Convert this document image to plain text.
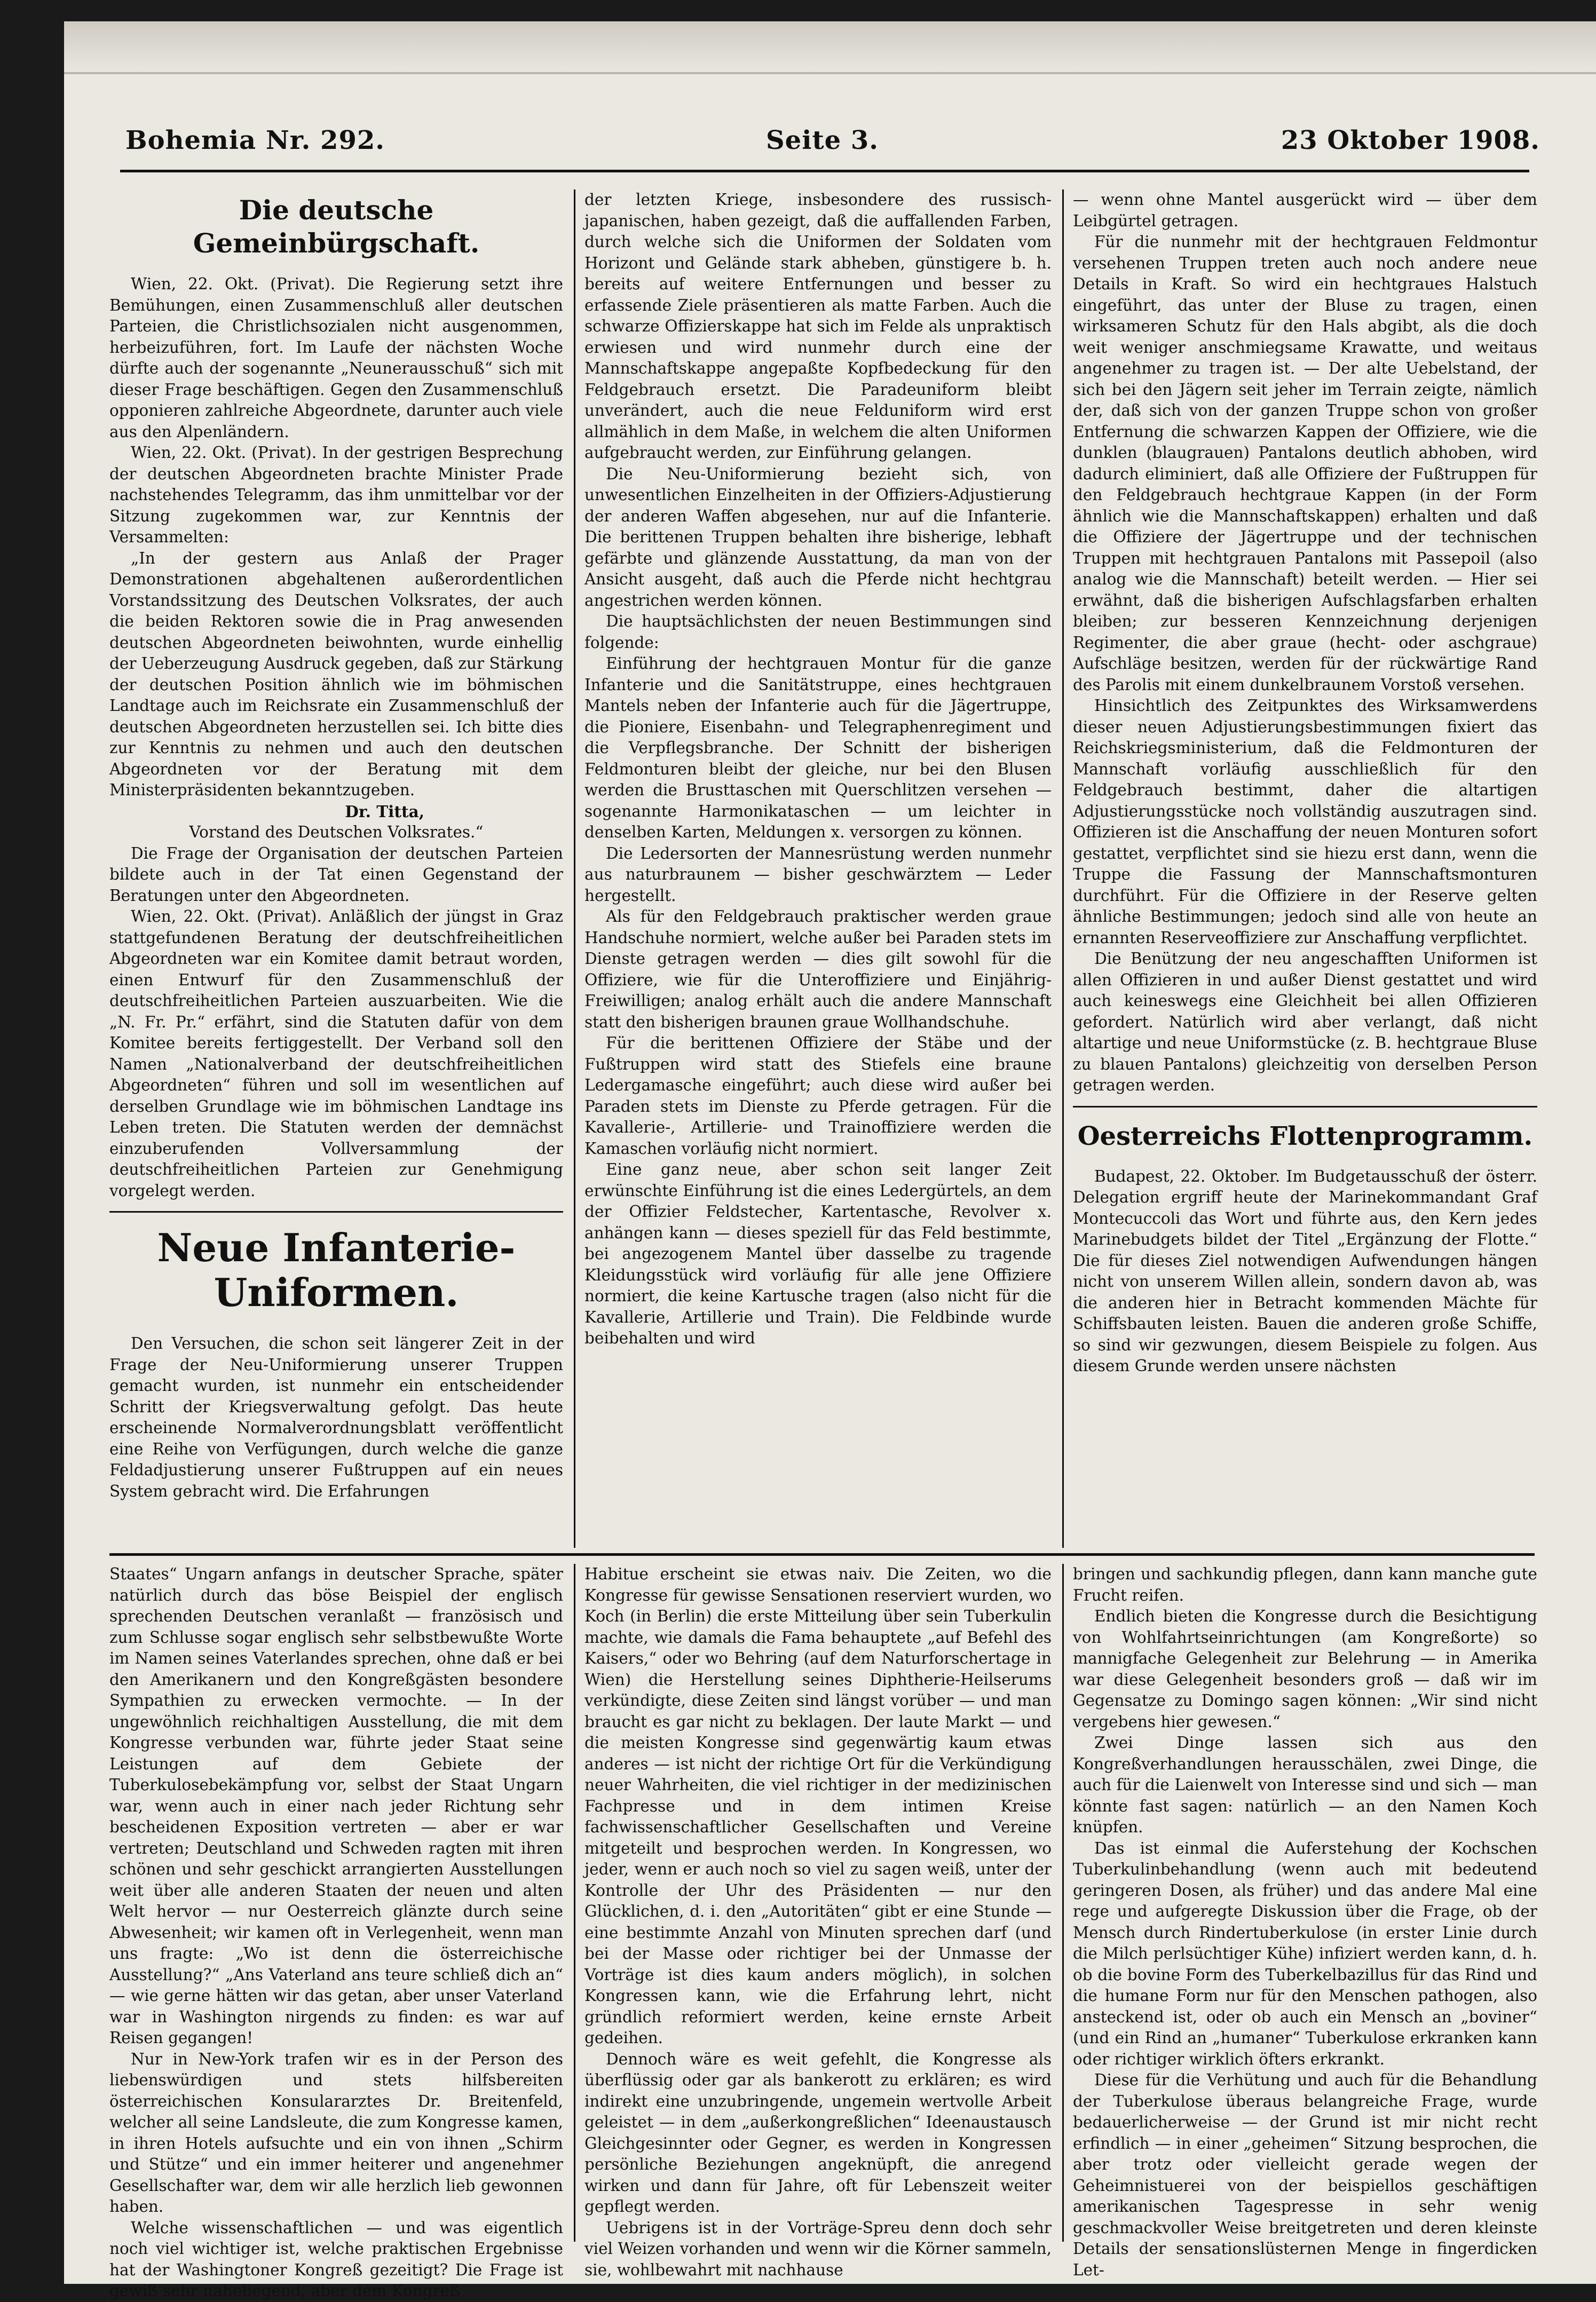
Bohemia Nr. 292.	Seite 3.	23 Oktober 1908.
Die deutsche Gemeinbürgschaft.

Wien, 22. Okt. (Privat). Die Regierung setzt ihre Bemühungen, einen Zusammenschluß aller deutschen Parteien, die Christlichsozialen nicht ausgenommen, herbeizuführen, fort. Im Laufe der nächsten Woche dürfte auch der sogenannte „Neunerausschuß“ sich mit dieser Frage beschäftigen. Gegen den Zusammenschluß opponieren zahlreiche Abgeordnete, darunter auch viele aus den Alpenländern.

Wien, 22. Okt. (Privat). In der gestrigen Besprechung der deutschen Abgeordneten brachte Minister Prade nachstehendes Telegramm, das ihm unmittelbar vor der Sitzung zugekommen war, zur Kenntnis der Versammelten:

„In der gestern aus Anlaß der Prager Demonstrationen abgehaltenen außerordentlichen Vorstandssitzung des Deutschen Volksrates, der auch die beiden Rektoren sowie die in Prag anwesenden deutschen Abgeordneten beiwohnten, wurde einhellig der Ueberzeugung Ausdruck gegeben, daß zur Stärkung der deutschen Position ähnlich wie im böhmischen Landtage auch im Reichsrate ein Zusammenschluß der deutschen Abgeordneten herzustellen sei. Ich bitte dies zur Kenntnis zu nehmen und auch den deutschen Abgeordneten vor der Beratung mit dem Ministerpräsidenten bekanntzugeben.

Dr. Titta,

Vorstand des Deutschen Volksrates.“

Die Frage der Organisation der deutschen Parteien bildete auch in der Tat einen Gegenstand der Beratungen unter den Abgeordneten.

Wien, 22. Okt. (Privat). Anläßlich der jüngst in Graz stattgefundenen Beratung der deutschfreiheitlichen Abgeordneten war ein Komitee damit betraut worden, einen Entwurf für den Zusammenschluß der deutschfreiheitlichen Parteien auszuarbeiten. Wie die „N. Fr. Pr.“ erfährt, sind die Statuten dafür von dem Komitee bereits fertiggestellt. Der Verband soll den Namen „Nationalverband der deutschfreiheitlichen Abgeordneten“ führen und soll im wesentlichen auf derselben Grundlage wie im böhmischen Landtage ins Leben treten. Die Statuten werden der demnächst einzuberufenden Vollversammlung der deutschfreiheitlichen Parteien zur Genehmigung vorgelegt werden.

Neue Infanterie-Uniformen.

Den Versuchen, die schon seit längerer Zeit in der Frage der Neu-Uniformierung unserer Truppen gemacht wurden, ist nunmehr ein entscheidender Schritt der Kriegsverwaltung gefolgt. Das heute erscheinende Normalverordnungsblatt veröffentlicht eine Reihe von Verfügungen, durch welche die ganze Feldadjustierung unserer Fußtruppen auf ein neues System gebracht wird. Die Erfahrungen

der letzten Kriege, insbesondere des russisch-japanischen, haben gezeigt, daß die auffallenden Farben, durch welche sich die Uniformen der Soldaten vom Horizont und Gelände stark abheben, günstigere b. h. bereits auf weitere Entfernungen und besser zu erfassende Ziele präsentieren als matte Farben. Auch die schwarze Offizierskappe hat sich im Felde als unpraktisch erwiesen und wird nunmehr durch eine der Mannschaftskappe angepaßte Kopfbedeckung für den Feldgebrauch ersetzt. Die Paradeuniform bleibt unverändert, auch die neue Felduniform wird erst allmählich in dem Maße, in welchem die alten Uniformen aufgebraucht werden, zur Einführung gelangen.

Die Neu-Uniformierung bezieht sich, von unwesentlichen Einzelheiten in der Offiziers-Adjustierung der anderen Waffen abgesehen, nur auf die Infanterie. Die berittenen Truppen behalten ihre bisherige, lebhaft gefärbte und glänzende Ausstattung, da man von der Ansicht ausgeht, daß auch die Pferde nicht hechtgrau angestrichen werden können.

Die hauptsächlichsten der neuen Bestimmungen sind folgende:

Einführung der hechtgrauen Montur für die ganze Infanterie und die Sanitätstruppe, eines hechtgrauen Mantels neben der Infanterie auch für die Jägertruppe, die Pioniere, Eisenbahn- und Telegraphenregiment und die Verpflegsbranche. Der Schnitt der bisherigen Feldmonturen bleibt der gleiche, nur bei den Blusen werden die Brusttaschen mit Querschlitzen versehen — sogenannte Harmonikataschen — um leichter in denselben Karten, Meldungen x. versorgen zu können.

Die Ledersorten der Mannesrüstung werden nunmehr aus naturbraunem — bisher geschwärztem — Leder hergestellt.

Als für den Feldgebrauch praktischer werden graue Handschuhe normiert, welche außer bei Paraden stets im Dienste getragen werden — dies gilt sowohl für die Offiziere, wie für die Unteroffiziere und Einjährig-Freiwilligen; analog erhält auch die andere Mannschaft statt den bisherigen braunen graue Wollhandschuhe.

Für die berittenen Offiziere der Stäbe und der Fußtruppen wird statt des Stiefels eine braune Ledergamasche eingeführt; auch diese wird außer bei Paraden stets im Dienste zu Pferde getragen. Für die Kavallerie-, Artillerie- und Trainoffiziere werden die Kamaschen vorläufig nicht normiert.

Eine ganz neue, aber schon seit langer Zeit erwünschte Einführung ist die eines Ledergürtels, an dem der Offizier Feldstecher, Kartentasche, Revolver x. anhängen kann — dieses speziell für das Feld bestimmte, bei angezogenem Mantel über dasselbe zu tragende Kleidungsstück wird vorläufig für alle jene Offiziere normiert, die keine Kartusche tragen (also nicht für die Kavallerie, Artillerie und Train). Die Feldbinde wurde beibehalten und wird

— wenn ohne Mantel ausgerückt wird — über dem Leibgürtel getragen.

Für die nunmehr mit der hechtgrauen Feldmontur versehenen Truppen treten auch noch andere neue Details in Kraft. So wird ein hechtgraues Halstuch eingeführt, das unter der Bluse zu tragen, einen wirksameren Schutz für den Hals abgibt, als die doch weit weniger anschmiegsame Krawatte, und weitaus angenehmer zu tragen ist. — Der alte Uebelstand, der sich bei den Jägern seit jeher im Terrain zeigte, nämlich der, daß sich von der ganzen Truppe schon von großer Entfernung die schwarzen Kappen der Offiziere, wie die dunklen (blaugrauen) Pantalons deutlich abhoben, wird dadurch eliminiert, daß alle Offiziere der Fußtruppen für den Feldgebrauch hechtgraue Kappen (in der Form ähnlich wie die Mannschaftskappen) erhalten und daß die Offiziere der Jägertruppe und der technischen Truppen mit hechtgrauen Pantalons mit Passepoil (also analog wie die Mannschaft) beteilt werden. — Hier sei erwähnt, daß die bisherigen Aufschlagsfarben erhalten bleiben; zur besseren Kennzeichnung derjenigen Regimenter, die aber graue (hecht- oder aschgraue) Aufschläge besitzen, werden für der rückwärtige Rand des Parolis mit einem dunkelbraunem Vorstoß versehen.

Hinsichtlich des Zeitpunktes des Wirksamwerdens dieser neuen Adjustierungsbestimmungen fixiert das Reichskriegsministerium, daß die Feldmonturen der Mannschaft vorläufig ausschließlich für den Feldgebrauch bestimmt, daher die altartigen Adjustierungsstücke noch vollständig auszutragen sind. Offizieren ist die Anschaffung der neuen Monturen sofort gestattet, verpflichtet sind sie hiezu erst dann, wenn die Truppe die Fassung der Mannschaftsmonturen durchführt. Für die Offiziere in der Reserve gelten ähnliche Bestimmungen; jedoch sind alle von heute an ernannten Reserveoffiziere zur Anschaffung verpflichtet.

Die Benützung der neu angeschafften Uniformen ist allen Offizieren in und außer Dienst gestattet und wird auch keineswegs eine Gleichheit bei allen Offizieren gefordert. Natürlich wird aber verlangt, daß nicht altartige und neue Uniformstücke (z. B. hechtgraue Bluse zu blauen Pantalons) gleichzeitig von derselben Person getragen werden.

Oesterreichs Flottenprogramm.

Budapest, 22. Oktober. Im Budgetausschuß der österr. Delegation ergriff heute der Marinekommandant Graf Montecuccoli das Wort und führte aus, den Kern jedes Marinebudgets bildet der Titel „Ergänzung der Flotte.“ Die für dieses Ziel notwendigen Aufwendungen hängen nicht von unserem Willen allein, sondern davon ab, was die anderen hier in Betracht kommenden Mächte für Schiffsbauten leisten. Bauen die anderen große Schiffe, so sind wir gezwungen, diesem Beispiele zu folgen. Aus diesem Grunde werden unsere nächsten

Staates“ Ungarn anfangs in deutscher Sprache, später natürlich durch das böse Beispiel der englisch sprechenden Deutschen veranlaßt — französisch und zum Schlusse sogar englisch sehr selbstbewußte Worte im Namen seines Vaterlandes sprechen, ohne daß er bei den Amerikanern und den Kongreßgästen besondere Sympathien zu erwecken vermochte. — In der ungewöhnlich reichhaltigen Ausstellung, die mit dem Kongresse verbunden war, führte jeder Staat seine Leistungen auf dem Gebiete der Tuberkulosebekämpfung vor, selbst der Staat Ungarn war, wenn auch in einer nach jeder Richtung sehr bescheidenen Exposition vertreten — aber er war vertreten; Deutschland und Schweden ragten mit ihren schönen und sehr geschickt arrangierten Ausstellungen weit über alle anderen Staaten der neuen und alten Welt hervor — nur Oesterreich glänzte durch seine Abwesenheit; wir kamen oft in Verlegenheit, wenn man uns fragte: „Wo ist denn die österreichische Ausstellung?“ „Ans Vaterland ans teure schließ dich an“ — wie gerne hätten wir das getan, aber unser Vaterland war in Washington nirgends zu finden: es war auf Reisen gegangen!

Nur in New-York trafen wir es in der Person des liebenswürdigen und stets hilfsbereiten österreichischen Konsulararztes Dr. Breitenfeld, welcher all seine Landsleute, die zum Kongresse kamen, in ihren Hotels aufsuchte und ein von ihnen „Schirm und Stütze“ und ein immer heiterer und angenehmer Gesellschafter war, dem wir alle herzlich lieb gewonnen haben.

Welche wissenschaftlichen — und was eigentlich noch viel wichtiger ist, welche praktischen Ergebnisse hat der Washingtoner Kongreß gezeitigt? Die Frage ist gewiß sehr naheliegend, aber dem Kongreß

Habitue erscheint sie etwas naiv. Die Zeiten, wo die Kongresse für gewisse Sensationen reserviert wurden, wo Koch (in Berlin) die erste Mitteilung über sein Tuberkulin machte, wie damals die Fama behauptete „auf Befehl des Kaisers,“ oder wo Behring (auf dem Naturforschertage in Wien) die Herstellung seines Diphtherie-Heilserums verkündigte, diese Zeiten sind längst vorüber — und man braucht es gar nicht zu beklagen. Der laute Markt — und die meisten Kongresse sind gegenwärtig kaum etwas anderes — ist nicht der richtige Ort für die Verkündigung neuer Wahrheiten, die viel richtiger in der medizinischen Fachpresse und in dem intimen Kreise fachwissenschaftlicher Gesellschaften und Vereine mitgeteilt und besprochen werden. In Kongressen, wo jeder, wenn er auch noch so viel zu sagen weiß, unter der Kontrolle der Uhr des Präsidenten — nur den Glücklichen, d. i. den „Autoritäten“ gibt er eine Stunde — eine bestimmte Anzahl von Minuten sprechen darf (und bei der Masse oder richtiger bei der Unmasse der Vorträge ist dies kaum anders möglich), in solchen Kongressen kann, wie die Erfahrung lehrt, nicht gründlich reformiert werden, keine ernste Arbeit gedeihen.

Dennoch wäre es weit gefehlt, die Kongresse als überflüssig oder gar als bankerott zu erklären; es wird indirekt eine unzubringende, ungemein wertvolle Arbeit geleistet — in dem „außerkongreßlichen“ Ideenaustausch Gleichgesinnter oder Gegner, es werden in Kongressen persönliche Beziehungen angeknüpft, die anregend wirken und dann für Jahre, oft für Lebenszeit weiter gepflegt werden.

Uebrigens ist in der Vorträge-Spreu denn doch sehr viel Weizen vorhanden und wenn wir die Körner sammeln, sie, wohlbewahrt mit nachhause

bringen und sachkundig pflegen, dann kann manche gute Frucht reifen.

Endlich bieten die Kongresse durch die Besichtigung von Wohlfahrtseinrichtungen (am Kongreßorte) so mannigfache Gelegenheit zur Belehrung — in Amerika war diese Gelegenheit besonders groß — daß wir im Gegensatze zu Domingo sagen können: „Wir sind nicht vergebens hier gewesen.“

Zwei Dinge lassen sich aus den Kongreßverhandlungen herausschälen, zwei Dinge, die auch für die Laienwelt von Interesse sind und sich — man könnte fast sagen: natürlich — an den Namen Koch knüpfen.

Das ist einmal die Auferstehung der Kochschen Tuberkulinbehandlung (wenn auch mit bedeutend geringeren Dosen, als früher) und das andere Mal eine rege und aufgeregte Diskussion über die Frage, ob der Mensch durch Rindertuberkulose (in erster Linie durch die Milch perlsüchtiger Kühe) infiziert werden kann, d. h. ob die bovine Form des Tuberkelbazillus für das Rind und die humane Form nur für den Menschen pathogen, also ansteckend ist, oder ob auch ein Mensch an „boviner“ (und ein Rind an „humaner“ Tuberkulose erkranken kann oder richtiger wirklich öfters erkrankt.

Diese für die Verhütung und auch für die Behandlung der Tuberkulose überaus belangreiche Frage, wurde bedauerlicherweise — der Grund ist mir nicht recht erfindlich — in einer „geheimen“ Sitzung besprochen, die aber trotz oder vielleicht gerade wegen der Geheimnistuerei von der beispiellos geschäftigen amerikanischen Tagespresse in sehr wenig geschmackvoller Weise breitgetreten und deren kleinste Details der sensationslüsternen Menge in fingerdicken Let-
